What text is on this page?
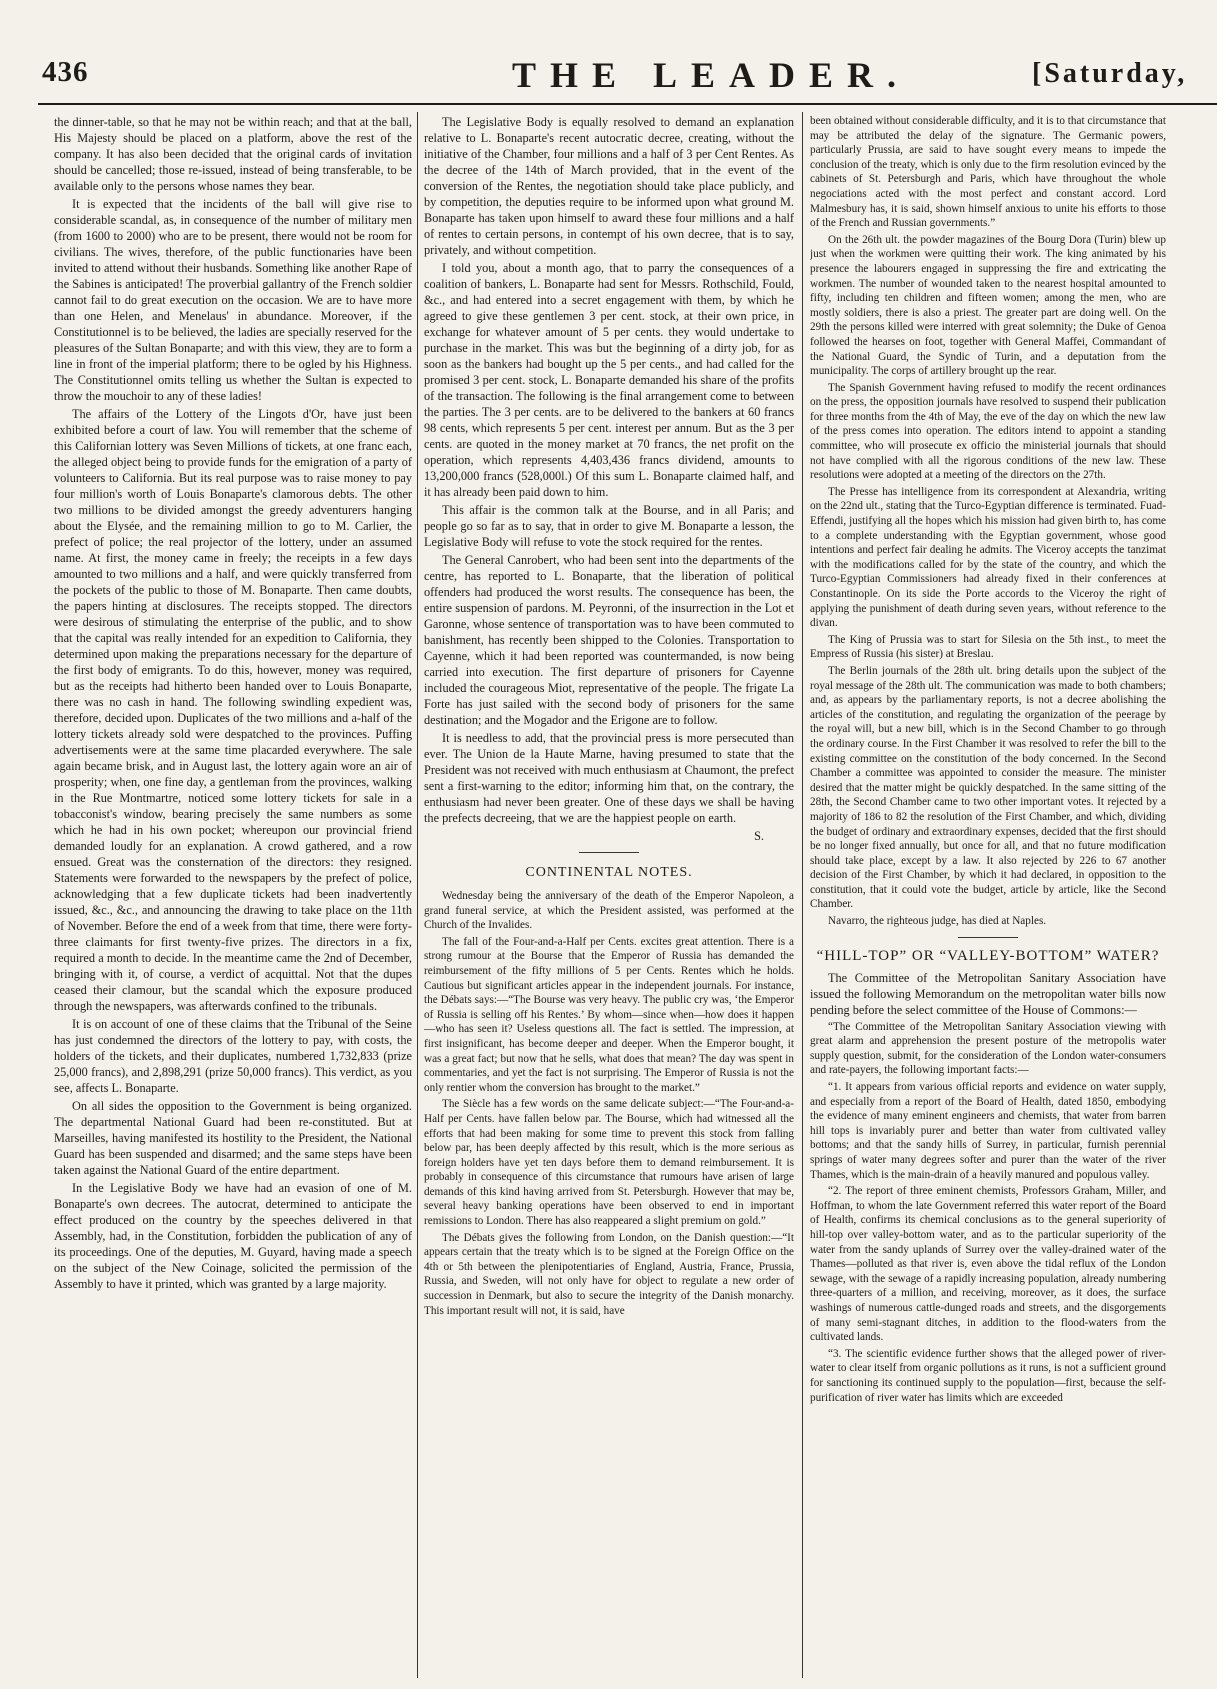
436	THE LEADER.	[Saturday,

the dinner-table, so that he may not be within reach; and that at the ball, His Majesty should be placed on a platform, above the rest of the company. It has also been decided that the original cards of invitation should be cancelled; those re-issued, instead of being transferable, to be available only to the persons whose names they bear.

It is expected that the incidents of the ball will give rise to considerable scandal, as, in consequence of the number of military men (from 1600 to 2000) who are to be present, there would not be room for civilians. The wives, therefore, of the public functionaries have been invited to attend without their husbands. Something like another Rape of the Sabines is anticipated! The proverbial gallantry of the French soldier cannot fail to do great execution on the occasion. We are to have more than one Helen, and Menelaus' in abundance. Moreover, if the Constitutionnel is to be believed, the ladies are specially reserved for the pleasures of the Sultan Bonaparte; and with this view, they are to form a line in front of the imperial platform; there to be ogled by his Highness. The Constitutionnel omits telling us whether the Sultan is expected to throw the mouchoir to any of these ladies!

The affairs of the Lottery of the Lingots d'Or, have just been exhibited before a court of law. You will remember that the scheme of this Californian lottery was Seven Millions of tickets, at one franc each, the alleged object being to provide funds for the emigration of a party of volunteers to California. But its real purpose was to raise money to pay four million's worth of Louis Bonaparte's clamorous debts. The other two millions to be divided amongst the greedy adventurers hanging about the Elysée, and the remaining million to go to M. Carlier, the prefect of police; the real projector of the lottery, under an assumed name. At first, the money came in freely; the receipts in a few days amounted to two millions and a half, and were quickly transferred from the pockets of the public to those of M. Bonaparte. Then came doubts, the papers hinting at disclosures. The receipts stopped. The directors were desirous of stimulating the enterprise of the public, and to show that the capital was really intended for an expedition to California, they determined upon making the preparations necessary for the departure of the first body of emigrants. To do this, however, money was required, but as the receipts had hitherto been handed over to Louis Bonaparte, there was no cash in hand. The following swindling expedient was, therefore, decided upon. Duplicates of the two millions and a-half of the lottery tickets already sold were despatched to the provinces. Puffing advertisements were at the same time placarded everywhere. The sale again became brisk, and in August last, the lottery again wore an air of prosperity; when, one fine day, a gentleman from the provinces, walking in the Rue Montmartre, noticed some lottery tickets for sale in a tobacconist's window, bearing precisely the same numbers as some which he had in his own pocket; whereupon our provincial friend demanded loudly for an explanation. A crowd gathered, and a row ensued. Great was the consternation of the directors: they resigned. Statements were forwarded to the newspapers by the prefect of police, acknowledging that a few duplicate tickets had been inadvertently issued, &c., &c., and announcing the drawing to take place on the 11th of November. Before the end of a week from that time, there were forty-three claimants for first twenty-five prizes. The directors in a fix, required a month to decide. In the meantime came the 2nd of December, bringing with it, of course, a verdict of acquittal. Not that the dupes ceased their clamour, but the scandal which the exposure produced through the newspapers, was afterwards confined to the tribunals.

It is on account of one of these claims that the Tribunal of the Seine has just condemned the directors of the lottery to pay, with costs, the holders of the tickets, and their duplicates, numbered 1,732,833 (prize 25,000 francs), and 2,898,291 (prize 50,000 francs). This verdict, as you see, affects L. Bonaparte.

On all sides the opposition to the Government is being organized. The departmental National Guard had been re-constituted. But at Marseilles, having manifested its hostility to the President, the National Guard has been suspended and disarmed; and the same steps have been taken against the National Guard of the entire department.

In the Legislative Body we have had an evasion of one of M. Bonaparte's own decrees. The autocrat, determined to anticipate the effect produced on the country by the speeches delivered in that Assembly, had, in the Constitution, forbidden the publication of any of its proceedings. One of the deputies, M. Guyard, having made a speech on the subject of the New Coinage, solicited the permission of the Assembly to have it printed, which was granted by a large majority.

The Legislative Body is equally resolved to demand an explanation relative to L. Bonaparte's recent autocratic decree, creating, without the initiative of the Chamber, four millions and a half of 3 per Cent Rentes. As the decree of the 14th of March provided, that in the event of the conversion of the Rentes, the negotiation should take place publicly, and by competition, the deputies require to be informed upon what ground M. Bonaparte has taken upon himself to award these four millions and a half of rentes to certain persons, in contempt of his own decree, that is to say, privately, and without competition.

I told you, about a month ago, that to parry the consequences of a coalition of bankers, L. Bonaparte had sent for Messrs. Rothschild, Fould, &c., and had entered into a secret engagement with them, by which he agreed to give these gentlemen 3 per cent. stock, at their own price, in exchange for whatever amount of 5 per cents. they would undertake to purchase in the market. This was but the beginning of a dirty job, for as soon as the bankers had bought up the 5 per cents., and had called for the promised 3 per cent. stock, L. Bonaparte demanded his share of the profits of the transaction. The following is the final arrangement come to between the parties. The 3 per cents. are to be delivered to the bankers at 60 francs 98 cents, which represents 5 per cent. interest per annum. But as the 3 per cents. are quoted in the money market at 70 francs, the net profit on the operation, which represents 4,403,436 francs dividend, amounts to 13,200,000 francs (528,000l.) Of this sum L. Bonaparte claimed half, and it has already been paid down to him.

This affair is the common talk at the Bourse, and in all Paris; and people go so far as to say, that in order to give M. Bonaparte a lesson, the Legislative Body will refuse to vote the stock required for the rentes.

The General Canrobert, who had been sent into the departments of the centre, has reported to L. Bonaparte, that the liberation of political offenders had produced the worst results. The consequence has been, the entire suspension of pardons. M. Peyronni, of the insurrection in the Lot et Garonne, whose sentence of transportation was to have been commuted to banishment, has recently been shipped to the Colonies. Transportation to Cayenne, which it had been reported was countermanded, is now being carried into execution. The first departure of prisoners for Cayenne included the courageous Miot, representative of the people. The frigate La Forte has just sailed with the second body of prisoners for the same destination; and the Mogador and the Erigone are to follow.

It is needless to add, that the provincial press is more persecuted than ever. The Union de la Haute Marne, having presumed to state that the President was not received with much enthusiasm at Chaumont, the prefect sent a first-warning to the editor; informing him that, on the contrary, the enthusiasm had never been greater. One of these days we shall be having the prefects decreeing, that we are the happiest people on earth.

S.

CONTINENTAL NOTES.

Wednesday being the anniversary of the death of the Emperor Napoleon, a grand funeral service, at which the President assisted, was performed at the Church of the Invalides.

The fall of the Four-and-a-Half per Cents. excites great attention. There is a strong rumour at the Bourse that the Emperor of Russia has demanded the reimbursement of the fifty millions of 5 per Cents. Rentes which he holds. Cautious but significant articles appear in the independent journals. For instance, the Débats says:—“The Bourse was very heavy. The public cry was, ‘the Emperor of Russia is selling off his Rentes.’ By whom—since when—how does it happen—who has seen it? Useless questions all. The fact is settled. The impression, at first insignificant, has become deeper and deeper. When the Emperor bought, it was a great fact; but now that he sells, what does that mean? The day was spent in commentaries, and yet the fact is not surprising. The Emperor of Russia is not the only rentier whom the conversion has brought to the market.”

The Siècle has a few words on the same delicate subject:—“The Four-and-a-Half per Cents. have fallen below par. The Bourse, which had witnessed all the efforts that had been making for some time to prevent this stock from falling below par, has been deeply affected by this result, which is the more serious as foreign holders have yet ten days before them to demand reimbursement. It is probably in consequence of this circumstance that rumours have arisen of large demands of this kind having arrived from St. Petersburgh. However that may be, several heavy banking operations have been observed to end in important remissions to London. There has also reappeared a slight premium on gold.”

The Débats gives the following from London, on the Danish question:—“It appears certain that the treaty which is to be signed at the Foreign Office on the 4th or 5th between the plenipotentiaries of England, Austria, France, Prussia, Russia, and Sweden, will not only have for object to regulate a new order of succession in Denmark, but also to secure the integrity of the Danish monarchy. This important result will not, it is said, have

been obtained without considerable difficulty, and it is to that circumstance that may be attributed the delay of the signature. The Germanic powers, particularly Prussia, are said to have sought every means to impede the conclusion of the treaty, which is only due to the firm resolution evinced by the cabinets of St. Petersburgh and Paris, which have throughout the whole negociations acted with the most perfect and constant accord. Lord Malmesbury has, it is said, shown himself anxious to unite his efforts to those of the French and Russian governments.”

On the 26th ult. the powder magazines of the Bourg Dora (Turin) blew up just when the workmen were quitting their work. The king animated by his presence the labourers engaged in suppressing the fire and extricating the workmen. The number of wounded taken to the nearest hospital amounted to fifty, including ten children and fifteen women; among the men, who are mostly soldiers, there is also a priest. The greater part are doing well. On the 29th the persons killed were interred with great solemnity; the Duke of Genoa followed the hearses on foot, together with General Maffei, Commandant of the National Guard, the Syndic of Turin, and a deputation from the municipality. The corps of artillery brought up the rear.

The Spanish Government having refused to modify the recent ordinances on the press, the opposition journals have resolved to suspend their publication for three months from the 4th of May, the eve of the day on which the new law of the press comes into operation. The editors intend to appoint a standing committee, who will prosecute ex officio the ministerial journals that should not have complied with all the rigorous conditions of the new law. These resolutions were adopted at a meeting of the directors on the 27th.

The Presse has intelligence from its correspondent at Alexandria, writing on the 22nd ult., stating that the Turco-Egyptian difference is terminated. Fuad-Effendi, justifying all the hopes which his mission had given birth to, has come to a complete understanding with the Egyptian government, whose good intentions and perfect fair dealing he admits. The Viceroy accepts the tanzimat with the modifications called for by the state of the country, and which the Turco-Egyptian Commissioners had already fixed in their conferences at Constantinople. On its side the Porte accords to the Viceroy the right of applying the punishment of death during seven years, without reference to the divan.

The King of Prussia was to start for Silesia on the 5th inst., to meet the Empress of Russia (his sister) at Breslau.

The Berlin journals of the 28th ult. bring details upon the subject of the royal message of the 28th ult. The communication was made to both chambers; and, as appears by the parliamentary reports, is not a decree abolishing the articles of the constitution, and regulating the organization of the peerage by the royal will, but a new bill, which is in the Second Chamber to go through the ordinary course. In the First Chamber it was resolved to refer the bill to the existing committee on the constitution of the body concerned. In the Second Chamber a committee was appointed to consider the measure. The minister desired that the matter might be quickly despatched. In the same sitting of the 28th, the Second Chamber came to two other important votes. It rejected by a majority of 186 to 82 the resolution of the First Chamber, and which, dividing the budget of ordinary and extraordinary expenses, decided that the first should be no longer fixed annually, but once for all, and that no future modification should take place, except by a law. It also rejected by 226 to 67 another decision of the First Chamber, by which it had declared, in opposition to the constitution, that it could vote the budget, article by article, like the Second Chamber.

Navarro, the righteous judge, has died at Naples.

“HILL-TOP” OR “VALLEY-BOTTOM” WATER?

The Committee of the Metropolitan Sanitary Association have issued the following Memorandum on the metropolitan water bills now pending before the select committee of the House of Commons:—

“The Committee of the Metropolitan Sanitary Association viewing with great alarm and apprehension the present posture of the metropolis water supply question, submit, for the consideration of the London water-consumers and rate-payers, the following important facts:—

“1. It appears from various official reports and evidence on water supply, and especially from a report of the Board of Health, dated 1850, embodying the evidence of many eminent engineers and chemists, that water from barren hill tops is invariably purer and better than water from cultivated valley bottoms; and that the sandy hills of Surrey, in particular, furnish perennial springs of water many degrees softer and purer than the water of the river Thames, which is the main-drain of a heavily manured and populous valley.

“2. The report of three eminent chemists, Professors Graham, Miller, and Hoffman, to whom the late Government referred this water report of the Board of Health, confirms its chemical conclusions as to the general superiority of hill-top over valley-bottom water, and as to the particular superiority of the water from the sandy uplands of Surrey over the valley-drained water of the Thames—polluted as that river is, even above the tidal reflux of the London sewage, with the sewage of a rapidly increasing population, already numbering three-quarters of a million, and receiving, moreover, as it does, the surface washings of numerous cattle-dunged roads and streets, and the disgorgements of many semi-stagnant ditches, in addition to the flood-waters from the cultivated lands.

“3. The scientific evidence further shows that the alleged power of river-water to clear itself from organic pollutions as it runs, is not a sufficient ground for sanctioning its continued supply to the population—first, because the self-purification of river water has limits which are exceeded
